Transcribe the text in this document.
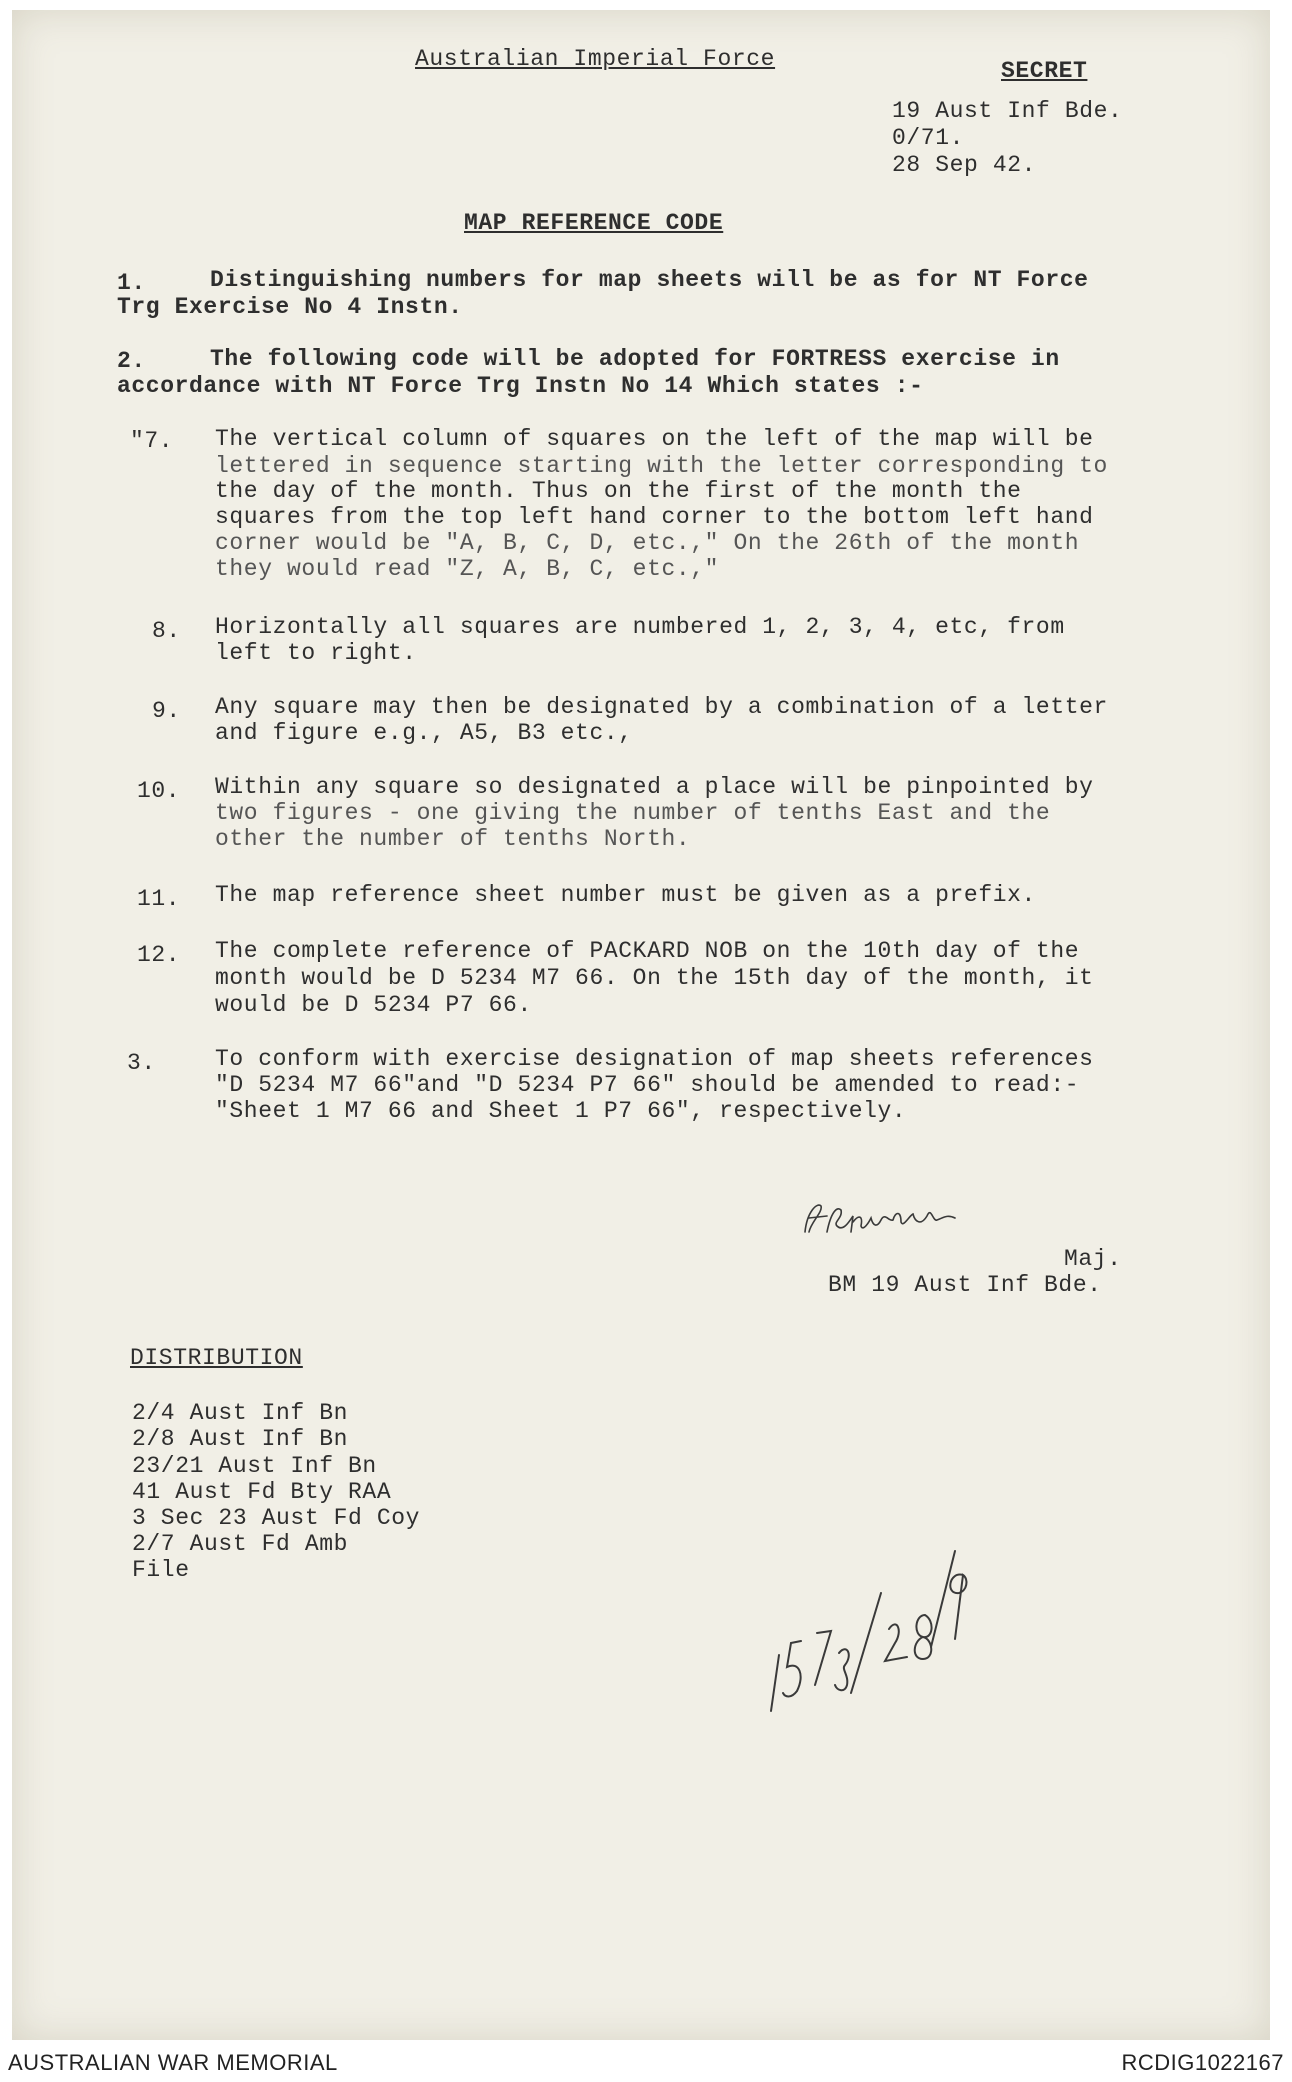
Australian Imperial Force	SECRET
19 Aust Inf Bde.
0/71.
28 Sep 42.
MAP REFERENCE CODE
1.	Distinguishing numbers for map sheets will be as for NT Force
Trg Exercise No 4 Instn.
2.	The following code will be adopted for FORTRESS exercise in
accordance with NT Force Trg Instn No 14 Which states :-
"7. The vertical column of squares on the left of the map will be
lettered in sequence starting with the letter corresponding to
the day of the month. Thus on the first of the month the
squares from the top left hand corner to the bottom left hand
corner would be "A, B, C, D, etc.," On the 26th of the month
they would read "Z, A, B, C, etc.,"
8. Horizontally all squares are numbered 1, 2, 3, 4, etc, from
left to right.
9. Any square may then be designated by a combination of a letter
and figure e.g., A5, B3 etc.,
10. Within any square so designated a place will be pinpointed by
two figures - one giving the number of tenths East and the
other the number of tenths North.
11. The map reference sheet number must be given as a prefix.
12. The complete reference of PACKARD NOB on the 10th day of the
month would be D 5234 M7 66. On the 15th day of the month, it
would be D 5234 P7 66.
3.	To conform with exercise designation of map sheets references
"D 5234 M7 66"and "D 5234 P7 66" should be amended to read:-
"Sheet 1 M7 66 and Sheet 1 P7 66", respectively.
Maj.
BM 19 Aust Inf Bde.
DISTRIBUTION
2/4 Aust Inf Bn
2/8 Aust Inf Bn
23/21 Aust Inf Bn
41 Aust Fd Bty RAA
3 Sec 23 Aust Fd Coy
2/7 Aust Fd Amb
File
AUSTRALIAN WAR MEMORIAL	RCDIG1022167
